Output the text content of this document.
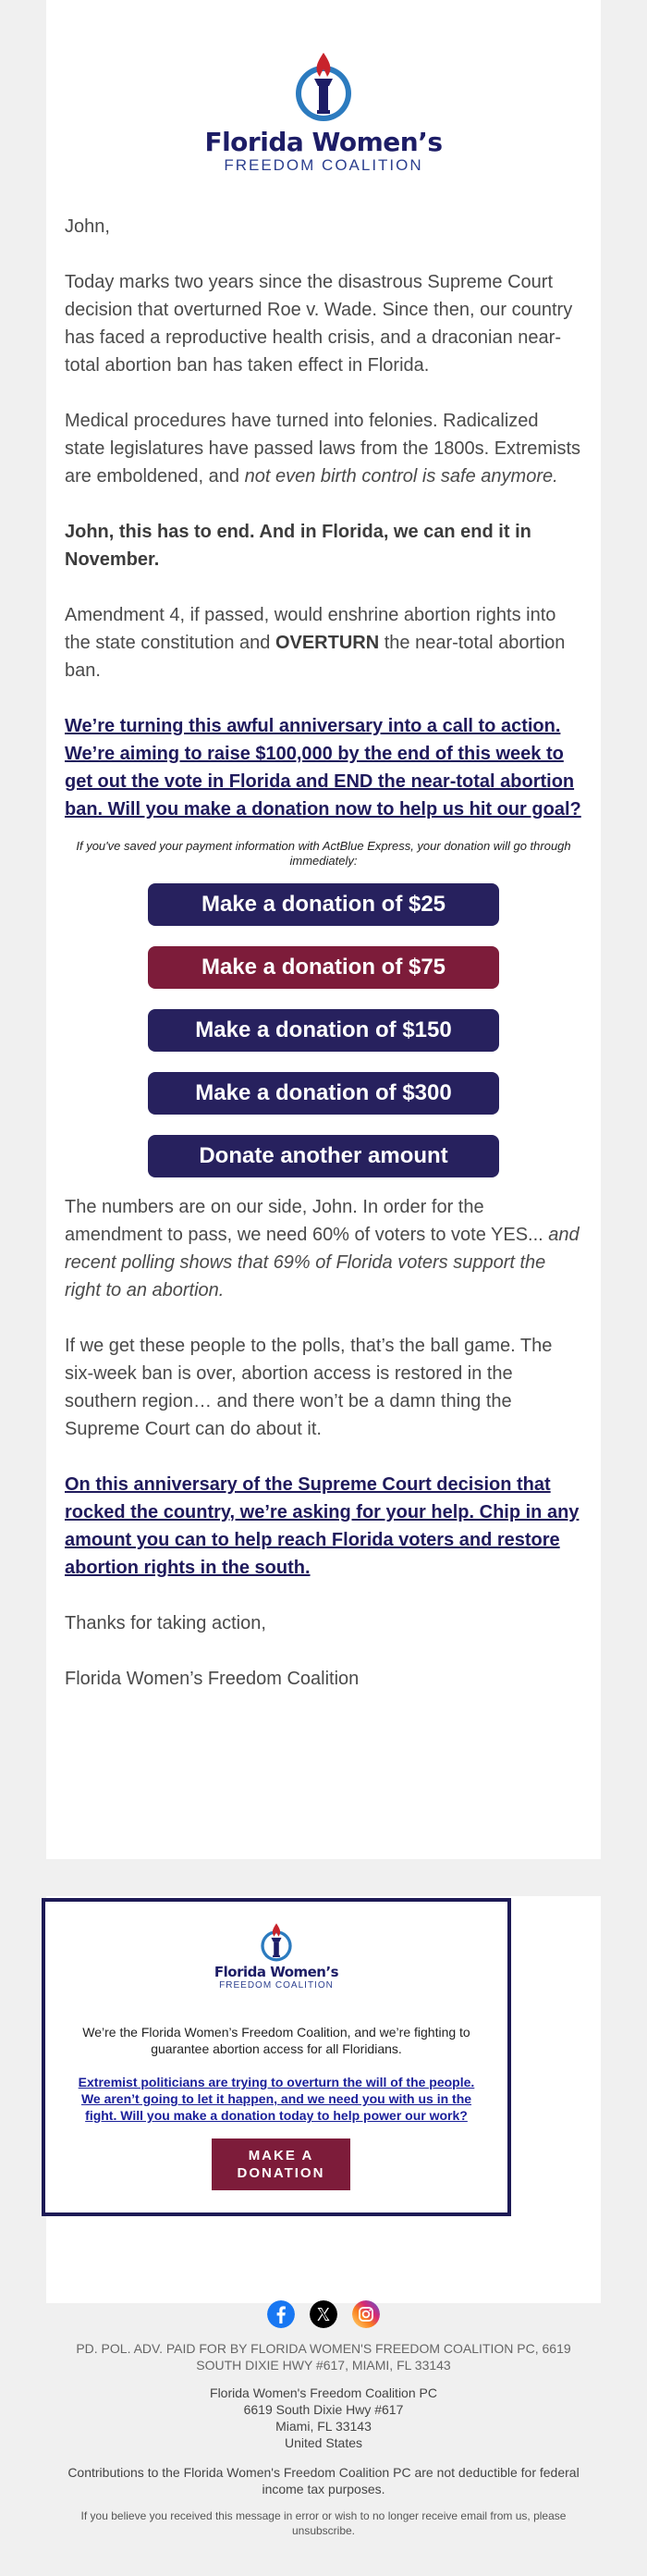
Florida Women’s
FREEDOM COALITION
John,
Today marks two years since the disastrous Supreme Court decision that overturned Roe v. Wade. Since then, our country has faced a reproductive health crisis, and a draconian near-total abortion ban has taken effect in Florida.
Medical procedures have turned into felonies. Radicalized state legislatures have passed laws from the 1800s. Extremists are emboldened, and not even birth control is safe anymore.
John, this has to end. And in Florida, we can end it in November.
Amendment 4, if passed, would enshrine abortion rights into the state constitution and OVERTURN the near-total abortion ban.
We’re turning this awful anniversary into a call to action. We’re aiming to raise $100,000 by the end of this week to get out the vote in Florida and END the near-total abortion ban. Will you make a donation now to help us hit our goal?
If you've saved your payment information with ActBlue Express, your donation will go through immediately:
Make a donation of $25
Make a donation of $75
Make a donation of $150
Make a donation of $300
Donate another amount
The numbers are on our side, John. In order for the amendment to pass, we need 60% of voters to vote YES... and recent polling shows that 69% of Florida voters support the right to an abortion.
If we get these people to the polls, that’s the ball game. The six-week ban is over, abortion access is restored in the southern region… and there won’t be a damn thing the Supreme Court can do about it.
On this anniversary of the Supreme Court decision that rocked the country, we’re asking for your help. Chip in any amount you can to help reach Florida voters and restore abortion rights in the south.
Thanks for taking action,
Florida Women’s Freedom Coalition
Florida Women’s
FREEDOM COALITION
We’re the Florida Women’s Freedom Coalition, and we’re fighting to guarantee abortion access for all Floridians.
Extremist politicians are trying to overturn the will of the people. We aren’t going to let it happen, and we need you with us in the fight. Will you make a donation today to help power our work?
MAKE A DONATION
PD. POL. ADV. PAID FOR BY FLORIDA WOMEN'S FREEDOM COALITION PC, 6619 SOUTH DIXIE HWY #617, MIAMI, FL 33143
Florida Women's Freedom Coalition PC
6619 South Dixie Hwy #617
Miami, FL 33143
United States
Contributions to the Florida Women's Freedom Coalition PC are not deductible for federal income tax purposes.
If you believe you received this message in error or wish to no longer receive email from us, please unsubscribe.
